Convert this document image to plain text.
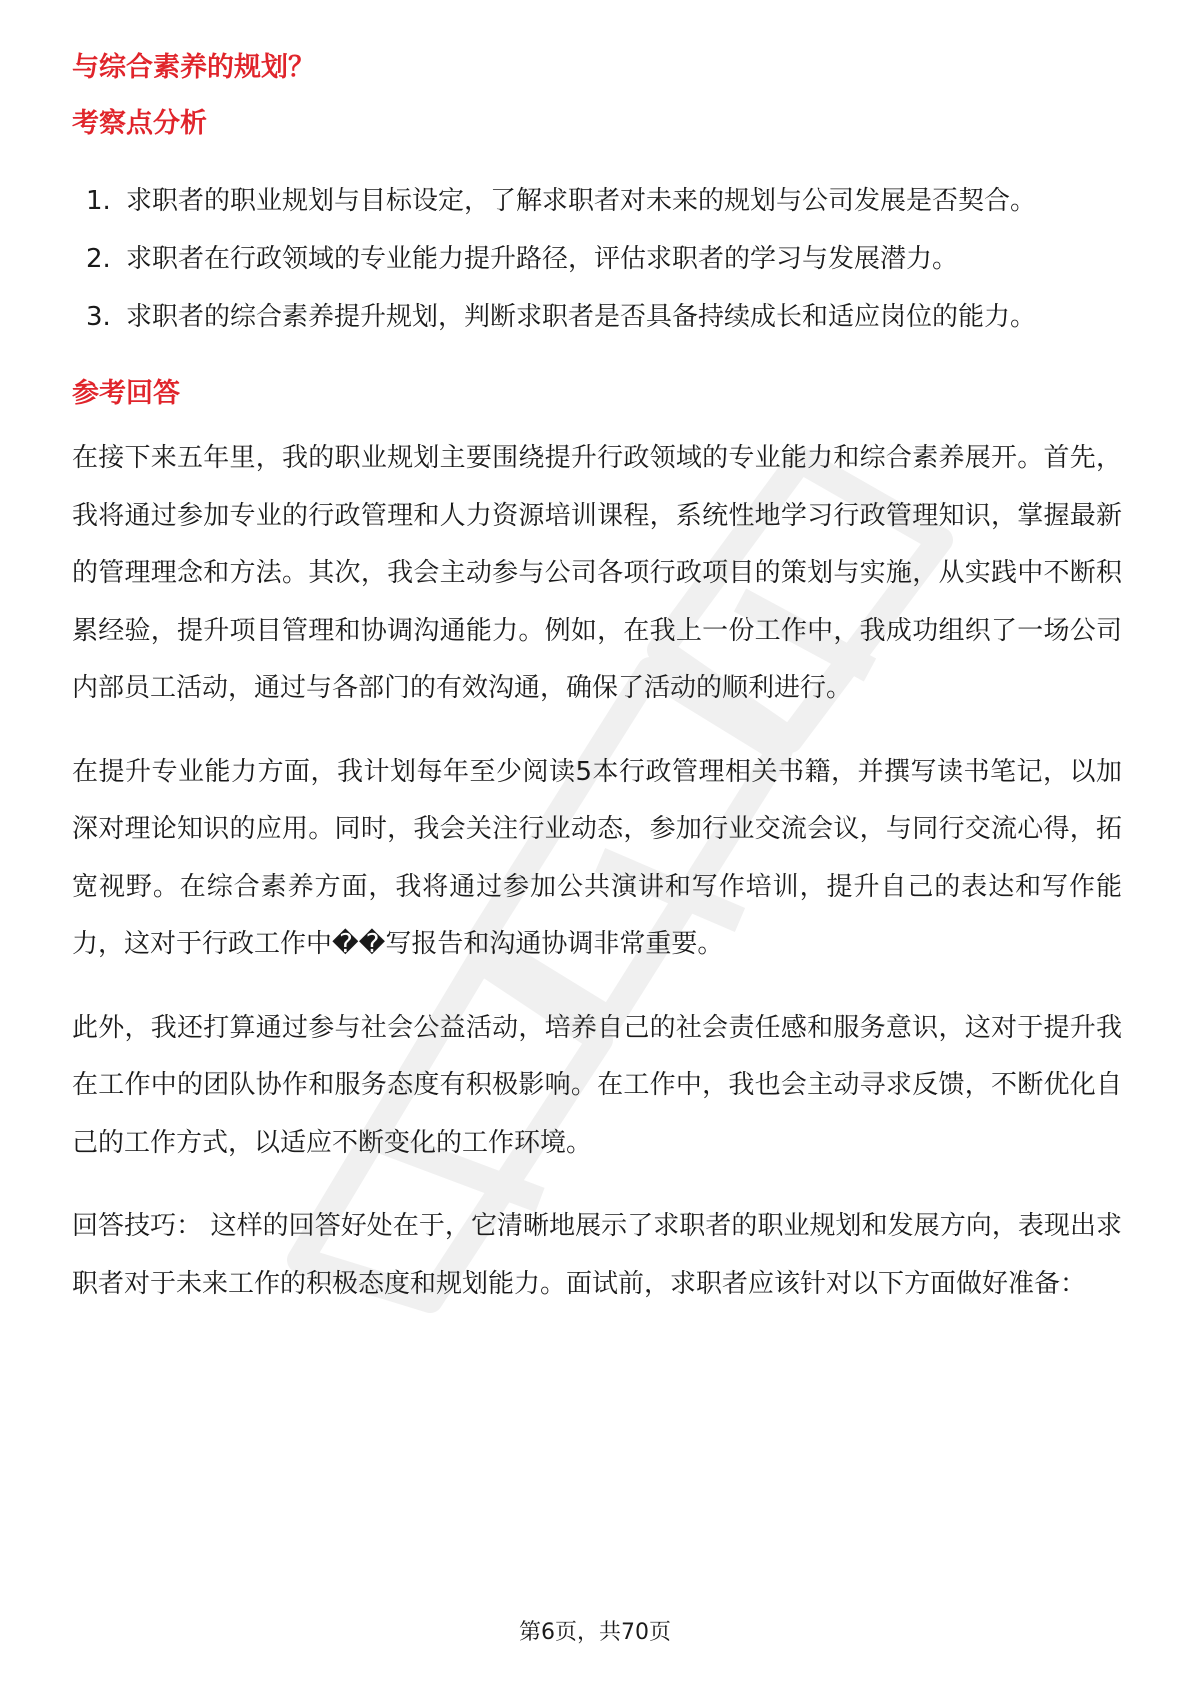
与综合素养的规划？
考察点分析
1. 求职者的职业规划与目标设定，了解求职者对未来的规划与公司发展是否契合。
2. 求职者在行政领域的专业能力提升路径，评估求职者的学习与发展潜力。
3. 求职者的综合素养提升规划，判断求职者是否具备持续成长和适应岗位的能力。
参考回答

在接下来五年里，我的职业规划主要围绕提升行政领域的专业能力和综合素养展开。首先，我将通过参加专业的行政管理和人力资源培训课程，系统性地学习行政管理知识，掌握最新的管理理念和方法。其次，我会主动参与公司各项行政项目的策划与实施，从实践中不断积累经验，提升项目管理和协调沟通能力。例如，在我上一份工作中，我成功组织了一场公司内部员工活动，通过与各部门的有效沟通，确保了活动的顺利进行。

在提升专业能力方面，我计划每年至少阅读5本行政管理相关书籍，并撰写读书笔记，以加深对理论知识的应用。同时，我会关注行业动态，参加行业交流会议，与同行交流心得，拓宽视野。在综合素养方面，我将通过参加公共演讲和写作培训，提升自己的表达和写作能力，这对于行政工作中��写报告和沟通协调非常重要。

此外，我还打算通过参与社会公益活动，培养自己的社会责任感和服务意识，这对于提升我在工作中的团队协作和服务态度有积极影响。在工作中，我也会主动寻求反馈，不断优化自己的工作方式，以适应不断变化的工作环境。

回答技巧： 这样的回答好处在于，它清晰地展示了求职者的职业规划和发展方向，表现出求职者对于未来工作的积极态度和规划能力。面试前，求职者应该针对以下方面做好准备：

第6页，共70页
